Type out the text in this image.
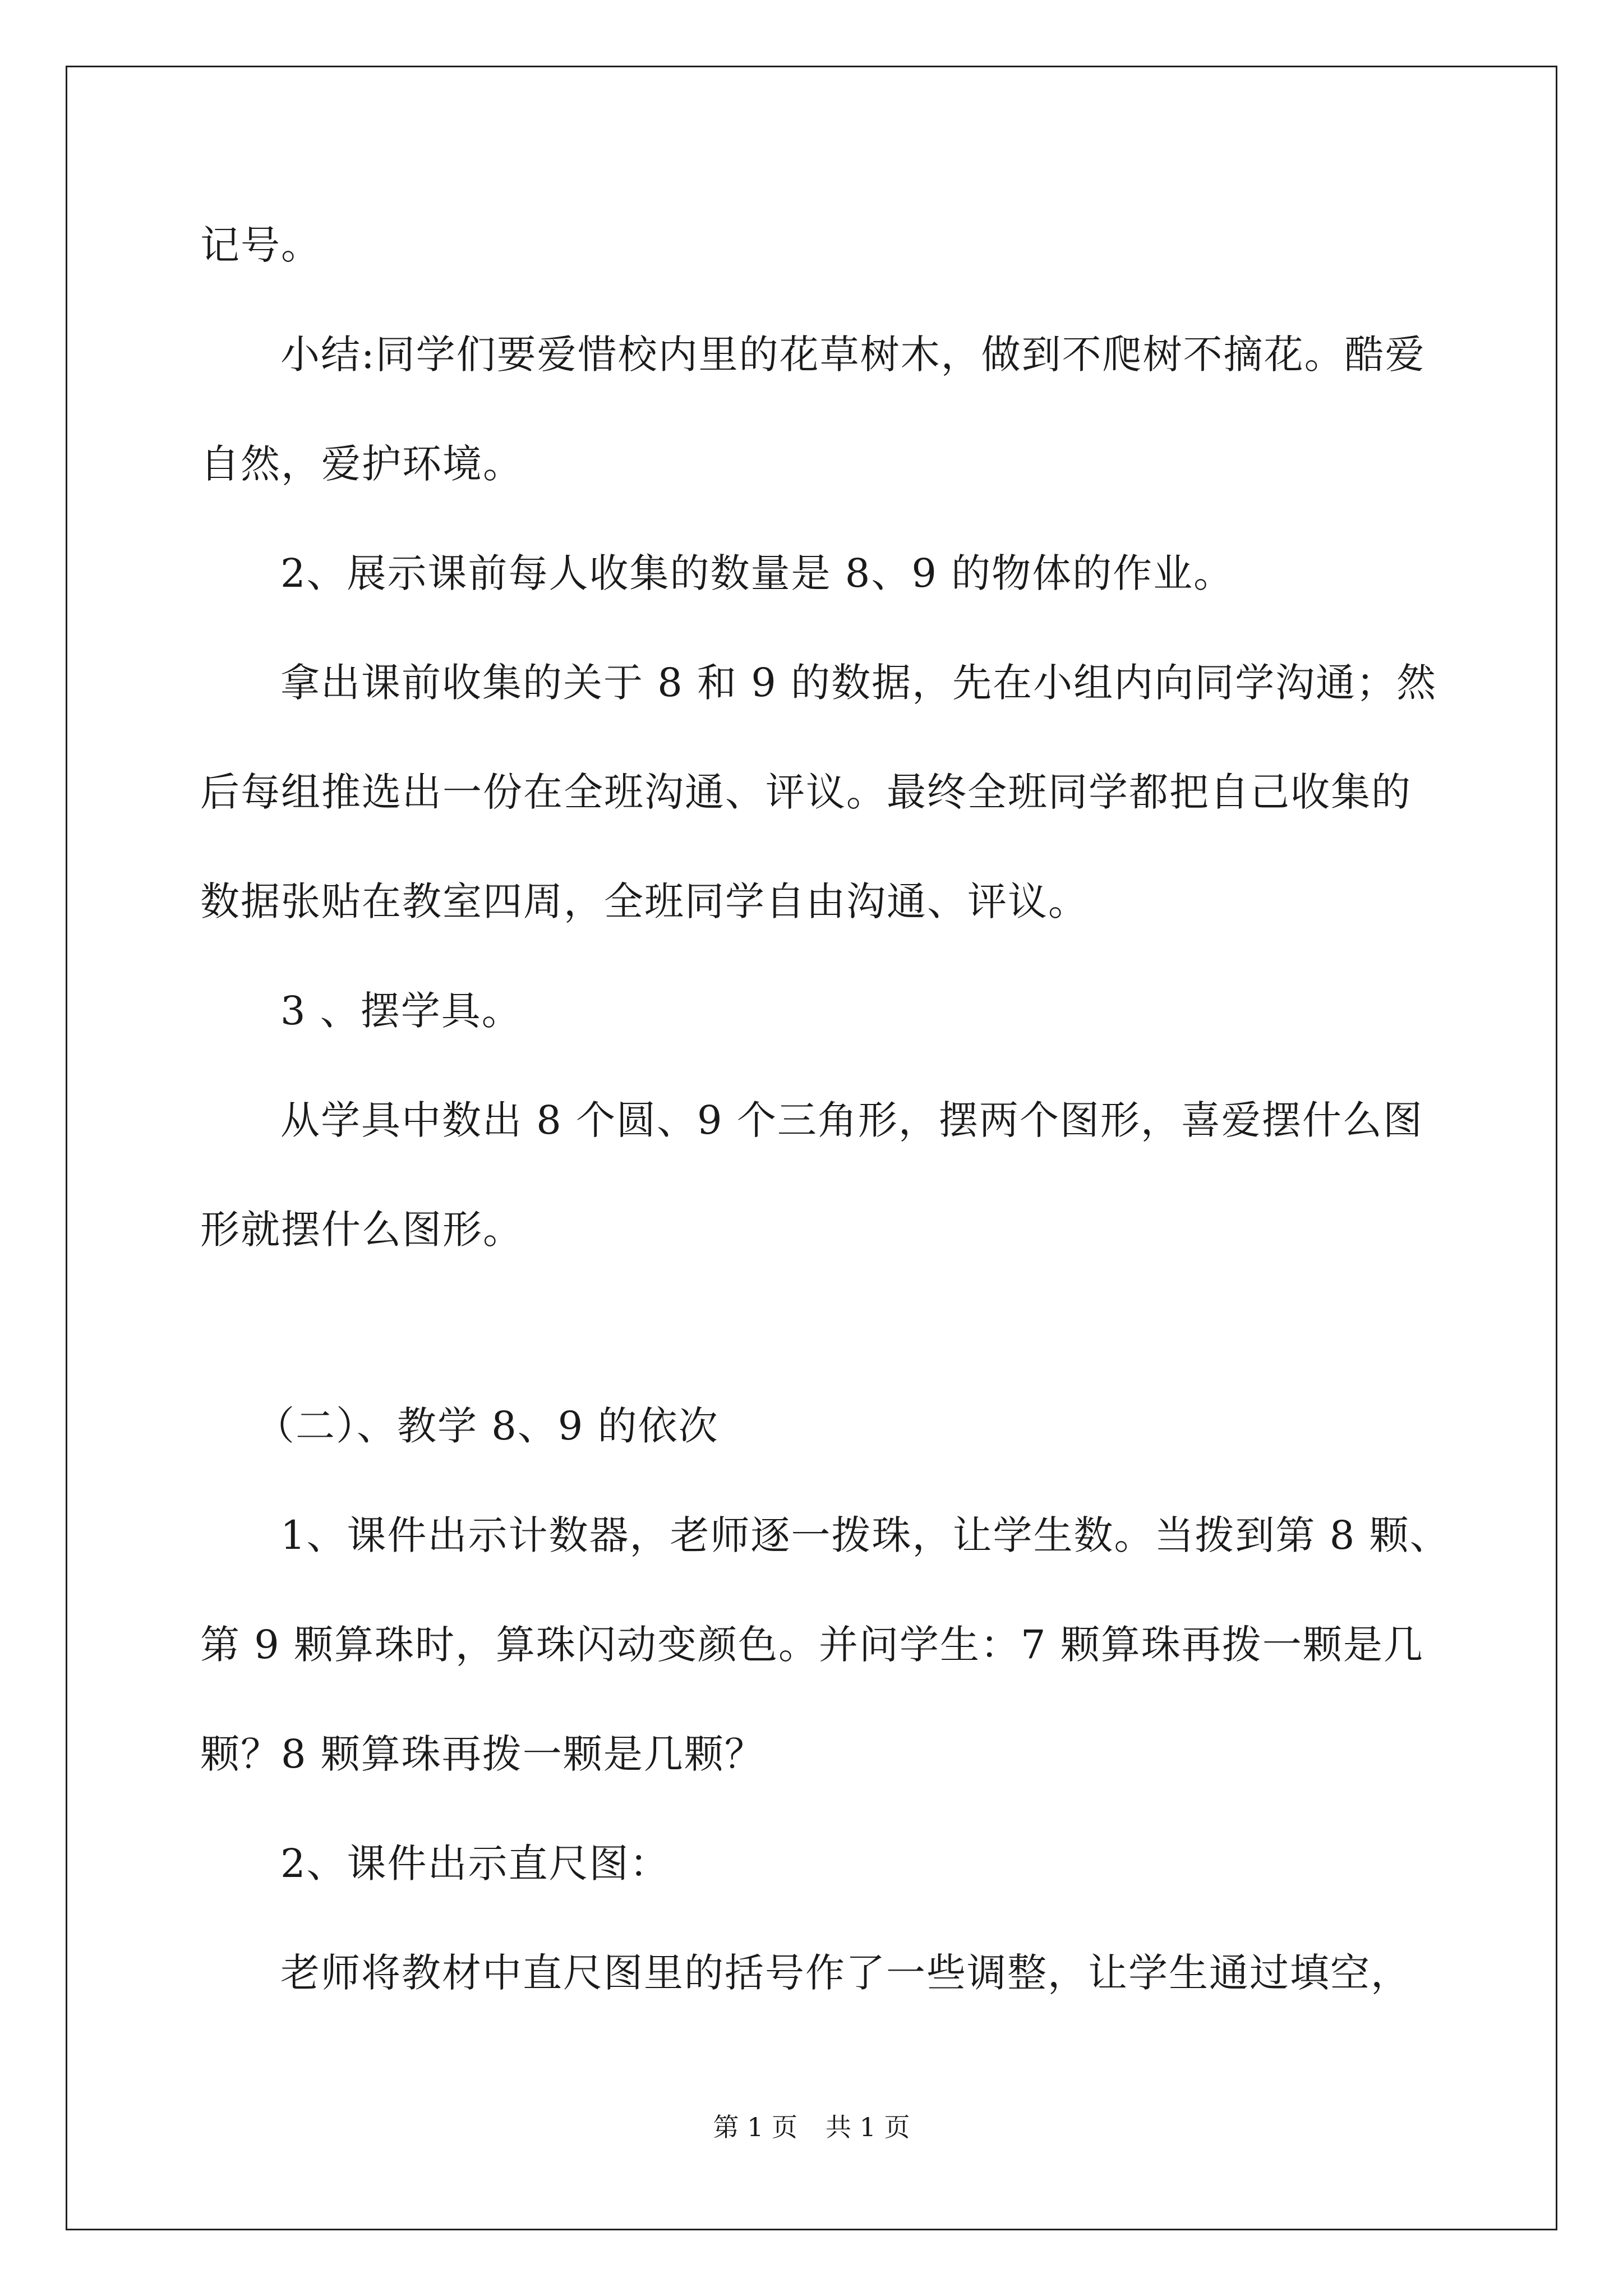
记号。
小结:同学们要爱惜校内里的花草树木，做到不爬树不摘花。酷爱
自然，爱护环境。
2、展示课前每人收集的数量是 8、9 的物体的作业。
拿出课前收集的关于 8 和 9 的数据，先在小组内向同学沟通；然
后每组推选出一份在全班沟通、评议。最终全班同学都把自己收集的
数据张贴在教室四周，全班同学自由沟通、评议。
3 、摆学具。
从学具中数出 8 个圆、9 个三角形，摆两个图形，喜爱摆什么图
形就摆什么图形。
（二）、教学 8、9 的依次
1、课件出示计数器，老师逐一拨珠，让学生数。当拨到第 8 颗、
第 9 颗算珠时，算珠闪动变颜色。并问学生：7 颗算珠再拨一颗是几
颗？8 颗算珠再拨一颗是几颗？
2、课件出示直尺图：
老师将教材中直尺图里的括号作了一些调整，让学生通过填空，
第 1 页 共 1 页
